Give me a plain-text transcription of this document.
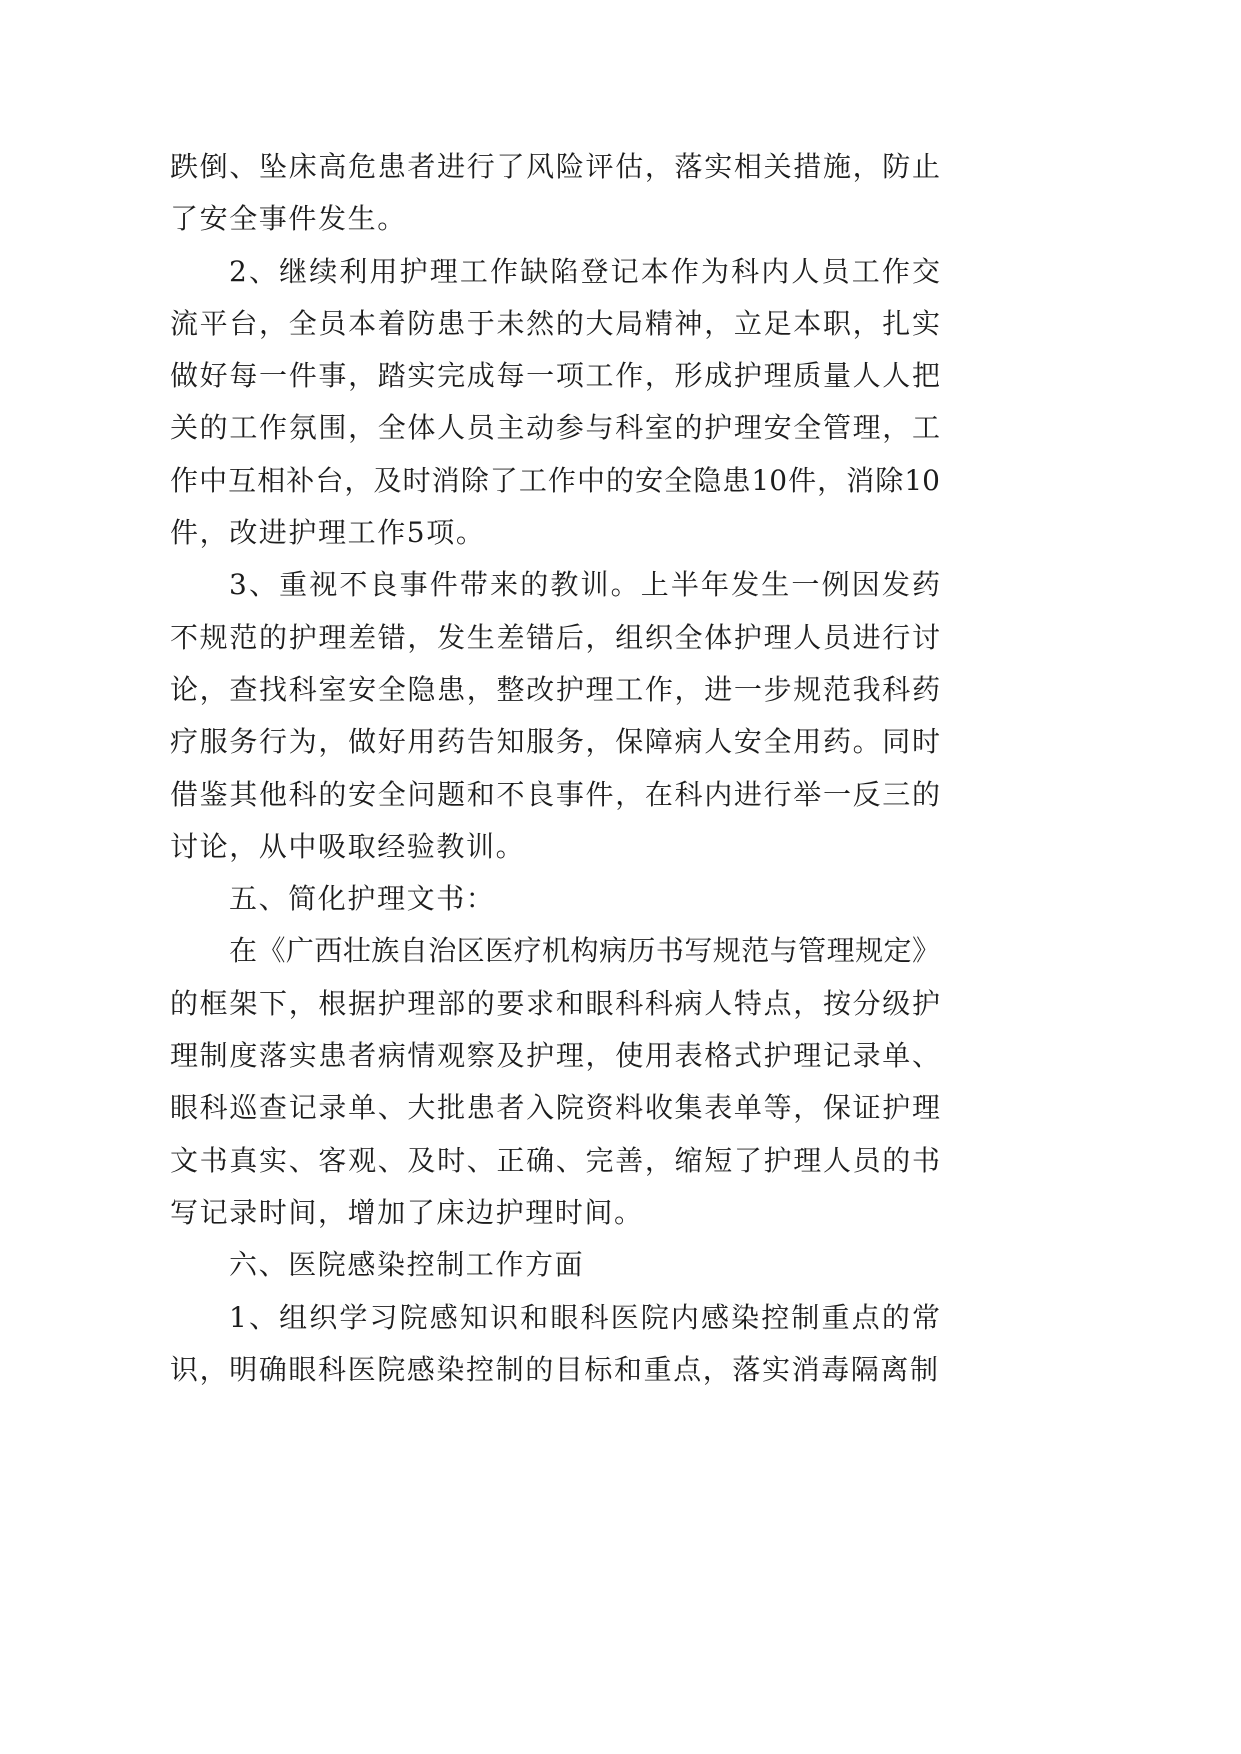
跌倒、坠床高危患者进行了风险评估，落实相关措施，防止
了安全事件发生。
2、继续利用护理工作缺陷登记本作为科内人员工作交
流平台，全员本着防患于未然的大局精神，立足本职，扎实
做好每一件事，踏实完成每一项工作，形成护理质量人人把
关的工作氛围，全体人员主动参与科室的护理安全管理，工
作中互相补台，及时消除了工作中的安全隐患10件，消除10
件，改进护理工作5项。
3、重视不良事件带来的教训。上半年发生一例因发药
不规范的护理差错，发生差错后，组织全体护理人员进行讨
论，查找科室安全隐患，整改护理工作，进一步规范我科药
疗服务行为，做好用药告知服务，保障病人安全用药。同时
借鉴其他科的安全问题和不良事件，在科内进行举一反三的
讨论，从中吸取经验教训。
五、简化护理文书：
在《广西壮族自治区医疗机构病历书写规范与管理规定》
的框架下，根据护理部的要求和眼科科病人特点，按分级护
理制度落实患者病情观察及护理，使用表格式护理记录单、
眼科巡查记录单、大批患者入院资料收集表单等，保证护理
文书真实、客观、及时、正确、完善，缩短了护理人员的书
写记录时间，增加了床边护理时间。
六、医院感染控制工作方面
1、组织学习院感知识和眼科医院内感染控制重点的常
识，明确眼科医院感染控制的目标和重点，落实消毒隔离制
